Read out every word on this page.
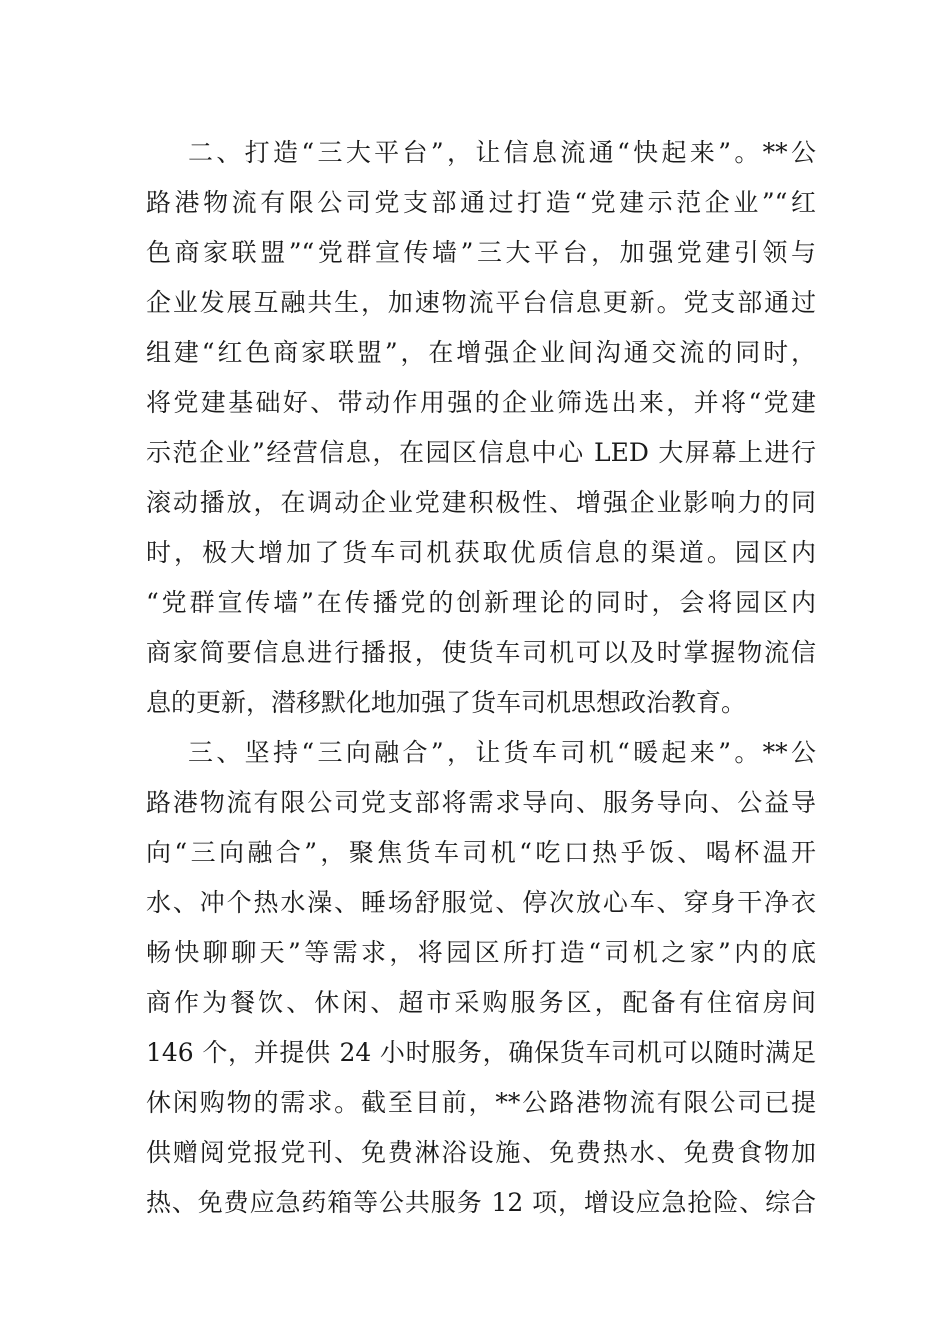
二、打造“三大平台”，让信息流通“快起来”。**公
路港物流有限公司党支部通过打造“党建示范企业”“红
色商家联盟”“党群宣传墙”三大平台，加强党建引领与
企业发展互融共生，加速物流平台信息更新。党支部通过
组建“红色商家联盟”，在增强企业间沟通交流的同时，
将党建基础好、带动作用强的企业筛选出来，并将“党建
示范企业”经营信息，在园区信息中心 LED 大屏幕上进行
滚动播放，在调动企业党建积极性、增强企业影响力的同
时，极大增加了货车司机获取优质信息的渠道。园区内
“党群宣传墙”在传播党的创新理论的同时，会将园区内
商家简要信息进行播报，使货车司机可以及时掌握物流信
息的更新，潜移默化地加强了货车司机思想政治教育。
三、坚持“三向融合”，让货车司机“暖起来”。**公
路港物流有限公司党支部将需求导向、服务导向、公益导
向“三向融合”，聚焦货车司机“吃口热乎饭、喝杯温开
水、冲个热水澡、睡场舒服觉、停次放心车、穿身干净衣
畅快聊聊天”等需求，将园区所打造“司机之家”内的底
商作为餐饮、休闲、超市采购服务区，配备有住宿房间
146 个，并提供 24 小时服务，确保货车司机可以随时满足
休闲购物的需求。截至目前，**公路港物流有限公司已提
供赠阅党报党刊、免费淋浴设施、免费热水、免费食物加
热、免费应急药箱等公共服务 12 项，增设应急抢险、综合
